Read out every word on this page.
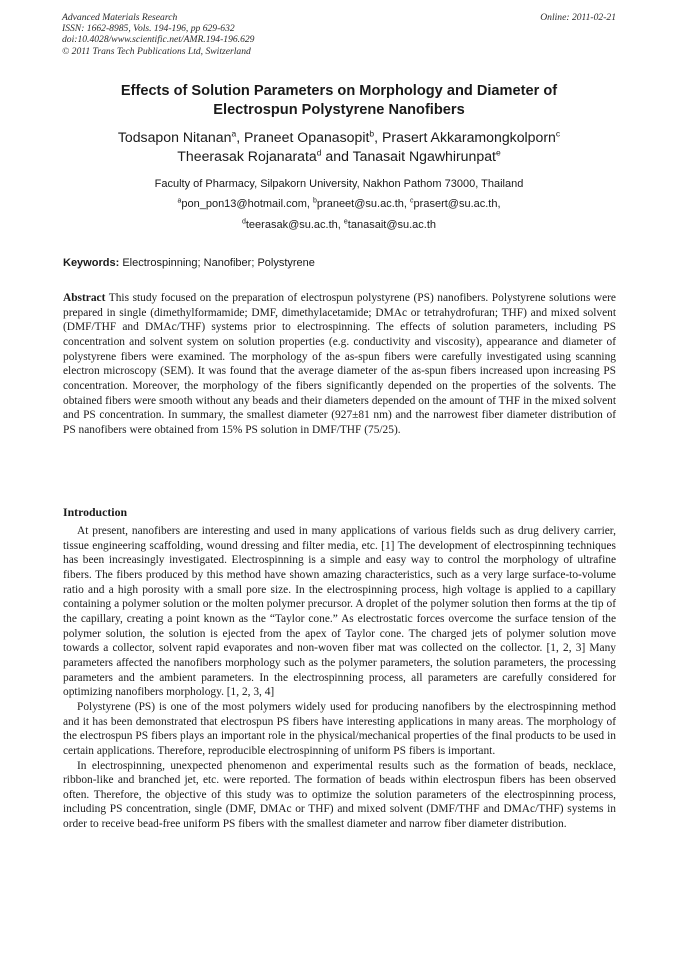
Advanced Materials Research
ISSN: 1662-8985, Vols. 194-196, pp 629-632
doi:10.4028/www.scientific.net/AMR.194-196.629
© 2011 Trans Tech Publications Ltd, Switzerland
Online: 2011-02-21
Effects of Solution Parameters on Morphology and Diameter of
Electrospun Polystyrene Nanofibers
Todsapon Nitanan$^a$, Praneet Opanasopit$^b$, Prasert Akkaramongkolporn$^c$
Theerasak Rojanarata$^d$ and Tanasait Ngawhirunpat$^e$
Faculty of Pharmacy, Silpakorn University, Nakhon Pathom 73000, Thailand
$^a$pon_pon13@hotmail.com, $^b$praneet@su.ac.th, $^c$prasert@su.ac.th,
$^d$teerasak@su.ac.th, $^e$tanasait@su.ac.th
Keywords: Electrospinning; Nanofiber; Polystyrene

Abstract This study focused on the preparation of electrospun polystyrene (PS) nanofibers. Polystyrene solutions were prepared in single (dimethylformamide; DMF, dimethylacetamide; DMAc or tetrahydrofuran; THF) and mixed solvent (DMF/THF and DMAc/THF) systems prior to electrospinning. The effects of solution parameters, including PS concentration and solvent system on solution properties (e.g. conductivity and viscosity), appearance and diameter of polystyrene fibers were examined. The morphology of the as-spun fibers were carefully investigated using scanning electron microscopy (SEM). It was found that the average diameter of the as-spun fibers increased upon increasing PS concentration. Moreover, the morphology of the fibers significantly depended on the properties of the solvents. The obtained fibers were smooth without any beads and their diameters depended on the amount of THF in the mixed solvent and PS concentration. In summary, the smallest diameter (927±81 nm) and the narrowest fiber diameter distribution of PS nanofibers were obtained from 15% PS solution in DMF/THF (75/25).

Introduction

At present, nanofibers are interesting and used in many applications of various fields such as drug delivery carrier, tissue engineering scaffolding, wound dressing and filter media, etc. [1] The development of electrospinning techniques has been increasingly investigated. Electrospinning is a simple and easy way to control the morphology of ultrafine fibers. The fibers produced by this method have shown amazing characteristics, such as a very large surface-to-volume ratio and a high porosity with a small pore size. In the electrospinning process, high voltage is applied to a capillary containing a polymer solution or the molten polymer precursor. A droplet of the polymer solution then forms at the tip of the capillary, creating a point known as the “Taylor cone.” As electrostatic forces overcome the surface tension of the polymer solution, the solution is ejected from the apex of Taylor cone. The charged jets of polymer solution move towards a collector, solvent rapid evaporates and non-woven fiber mat was collected on the collector. [1, 2, 3] Many parameters affected the nanofibers morphology such as the polymer parameters, the solution parameters, the processing parameters and the ambient parameters. In the electrospinning process, all parameters are carefully considered for optimizing nanofibers morphology. [1, 2, 3, 4]

Polystyrene (PS) is one of the most polymers widely used for producing nanofibers by the electrospinning method and it has been demonstrated that electrospun PS fibers have interesting applications in many areas. The morphology of the electrospun PS fibers plays an important role in the physical/mechanical properties of the final products to be used in certain applications. Therefore, reproducible electrospinning of uniform PS fibers is important.

In electrospinning, unexpected phenomenon and experimental results such as the formation of beads, necklace, ribbon-like and branched jet, etc. were reported. The formation of beads within electrospun fibers has been observed often. Therefore, the objective of this study was to optimize the solution parameters of the electrospinning process, including PS concentration, single (DMF, DMAc or THF) and mixed solvent (DMF/THF and DMAc/THF) systems in order to receive bead-free uniform PS fibers with the smallest diameter and narrow fiber diameter distribution.
